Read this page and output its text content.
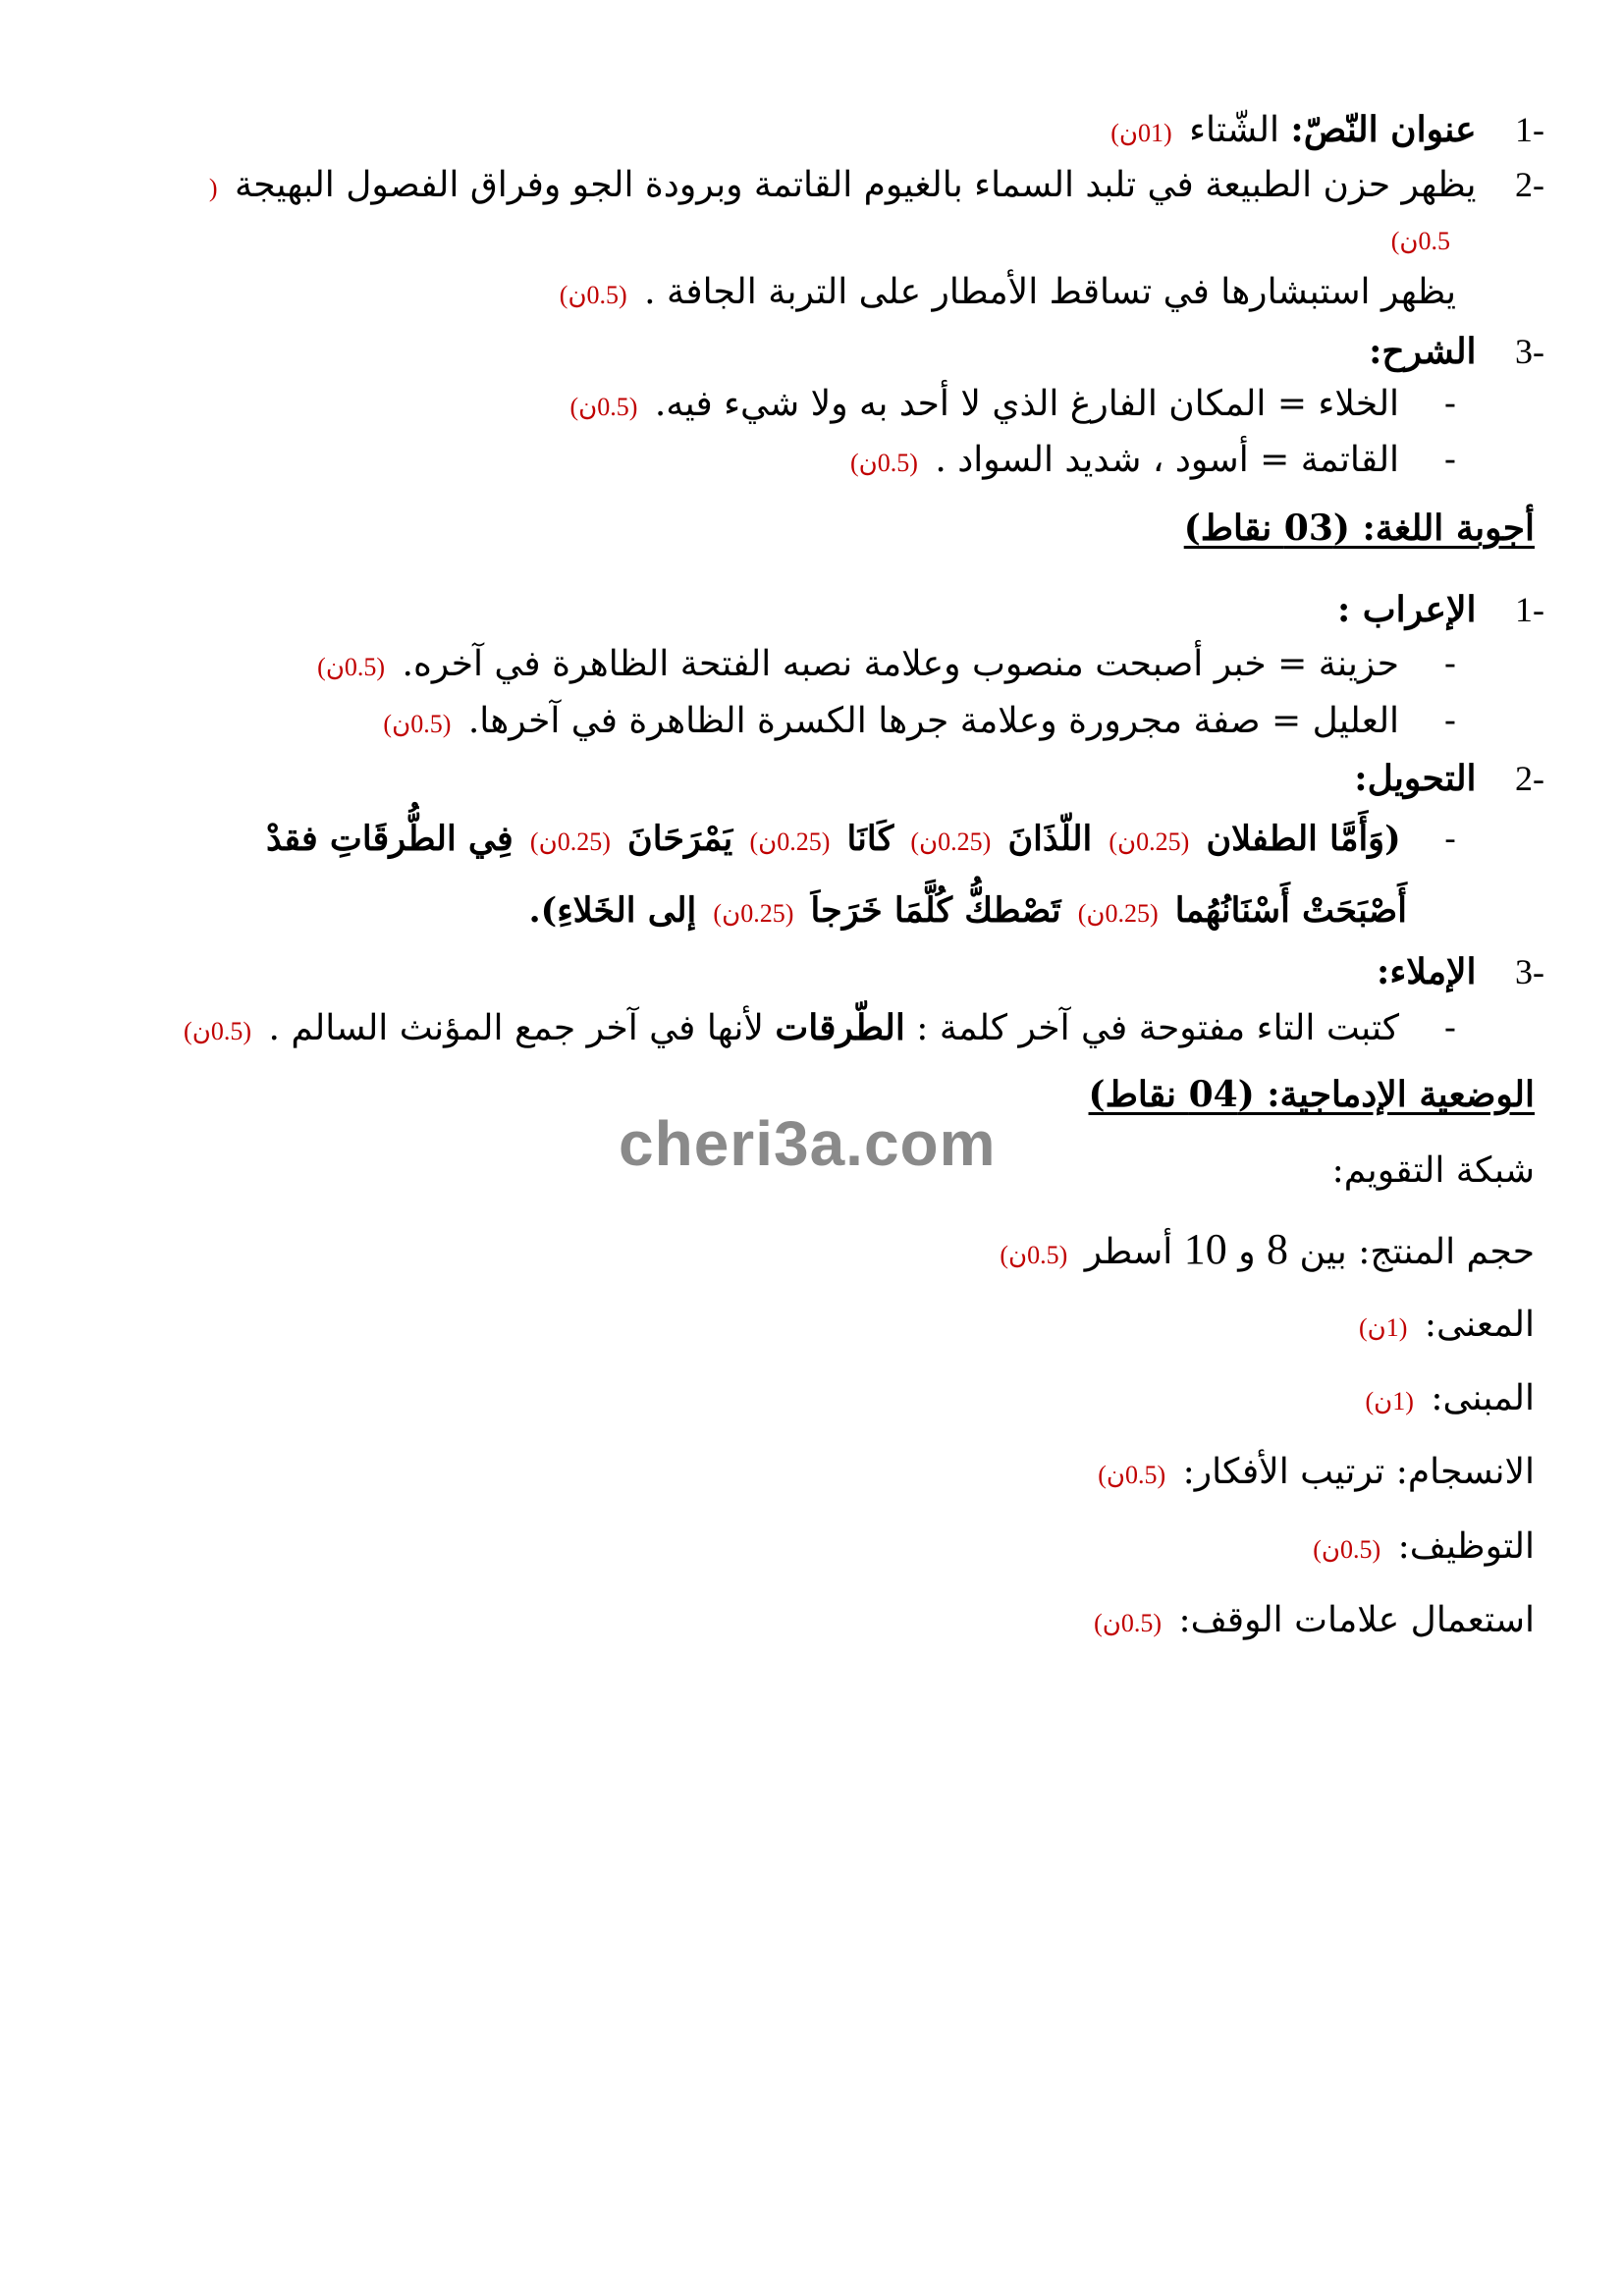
-1 عنوان النّصّ: الشّتاء (01ن)
-2 يظهر حزن الطبيعة في تلبد السماء بالغيوم القاتمة وبرودة الجو وفراق الفصول البهيجة (
0.5ن)
يظهر استبشارها في تساقط الأمطار على التربة الجافة . (0.5ن)
-3 الشرح:
-    الخلاء = المكان الفارغ الذي لا أحد به ولا شيء فيه. (0.5ن)
-    القاتمة = أسود ، شديد السواد . (0.5ن)
أجوبة اللغة: (03 نقاط)
-1 الإعراب :
-    حزينة = خبر أصبحت منصوب وعلامة نصبه الفتحة الظاهرة في آخره. (0.5ن)
-    العليل = صفة مجرورة وعلامة جرها الكسرة الظاهرة في آخرها. (0.5ن)
-2 التحويل:
-    (وَأَمَّا الطفلان (0.25ن) اللّذَانَ (0.25ن) كَانَا (0.25ن) يَمْرَحَانَ (0.25ن) فِي الطُّرقَاتِ فقدْ
أَصْبَحَتْ أَسْنَانُهُما (0.25ن) تَصْطكُّ كُلَّمَا خَرَجاَ (0.25ن) إلى الخَلاءِ).
-3 الإملاء:
-    كتبت التاء مفتوحة في آخر كلمة : الطّرقات لأنها في آخر جمع المؤنث السالم . (0.5ن)
الوضعية الإدماجية: (04 نقاط)
cheri3a.com	شبكة التقويم:
حجم المنتج: بين 8 و 10 أسطر (0.5ن)
المعنى: (1ن)
المبنى: (1ن)
الانسجام: ترتيب الأفكار: (0.5ن)
التوظيف: (0.5ن)
استعمال علامات الوقف: (0.5ن)
